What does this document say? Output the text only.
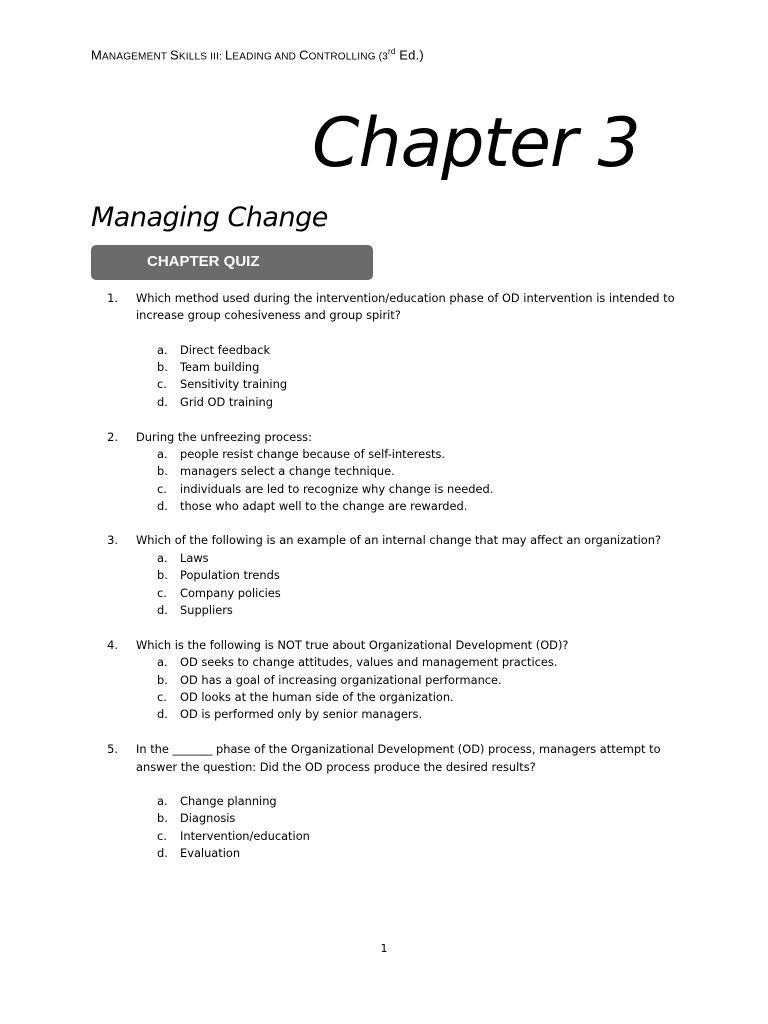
MANAGEMENT SKILLS III: LEADING AND CONTROLLING (3rd Ed.)
Chapter 3
Managing Change
CHAPTER QUIZ
1. Which method used during the intervention/education phase of OD intervention is intended to
increase group cohesiveness and group spirit?
a. Direct feedback
b. Team building
c. Sensitivity training
d. Grid OD training
2. During the unfreezing process:
a. people resist change because of self-interests.
b. managers select a change technique.
c. individuals are led to recognize why change is needed.
d. those who adapt well to the change are rewarded.
3. Which of the following is an example of an internal change that may affect an organization?
a. Laws
b. Population trends
c. Company policies
d. Suppliers
4. Which is the following is NOT true about Organizational Development (OD)?
a. OD seeks to change attitudes, values and management practices.
b. OD has a goal of increasing organizational performance.
c. OD looks at the human side of the organization.
d. OD is performed only by senior managers.
5. In the _______ phase of the Organizational Development (OD) process, managers attempt to
answer the question: Did the OD process produce the desired results?
a. Change planning
b. Diagnosis
c. Intervention/education
d. Evaluation
1
